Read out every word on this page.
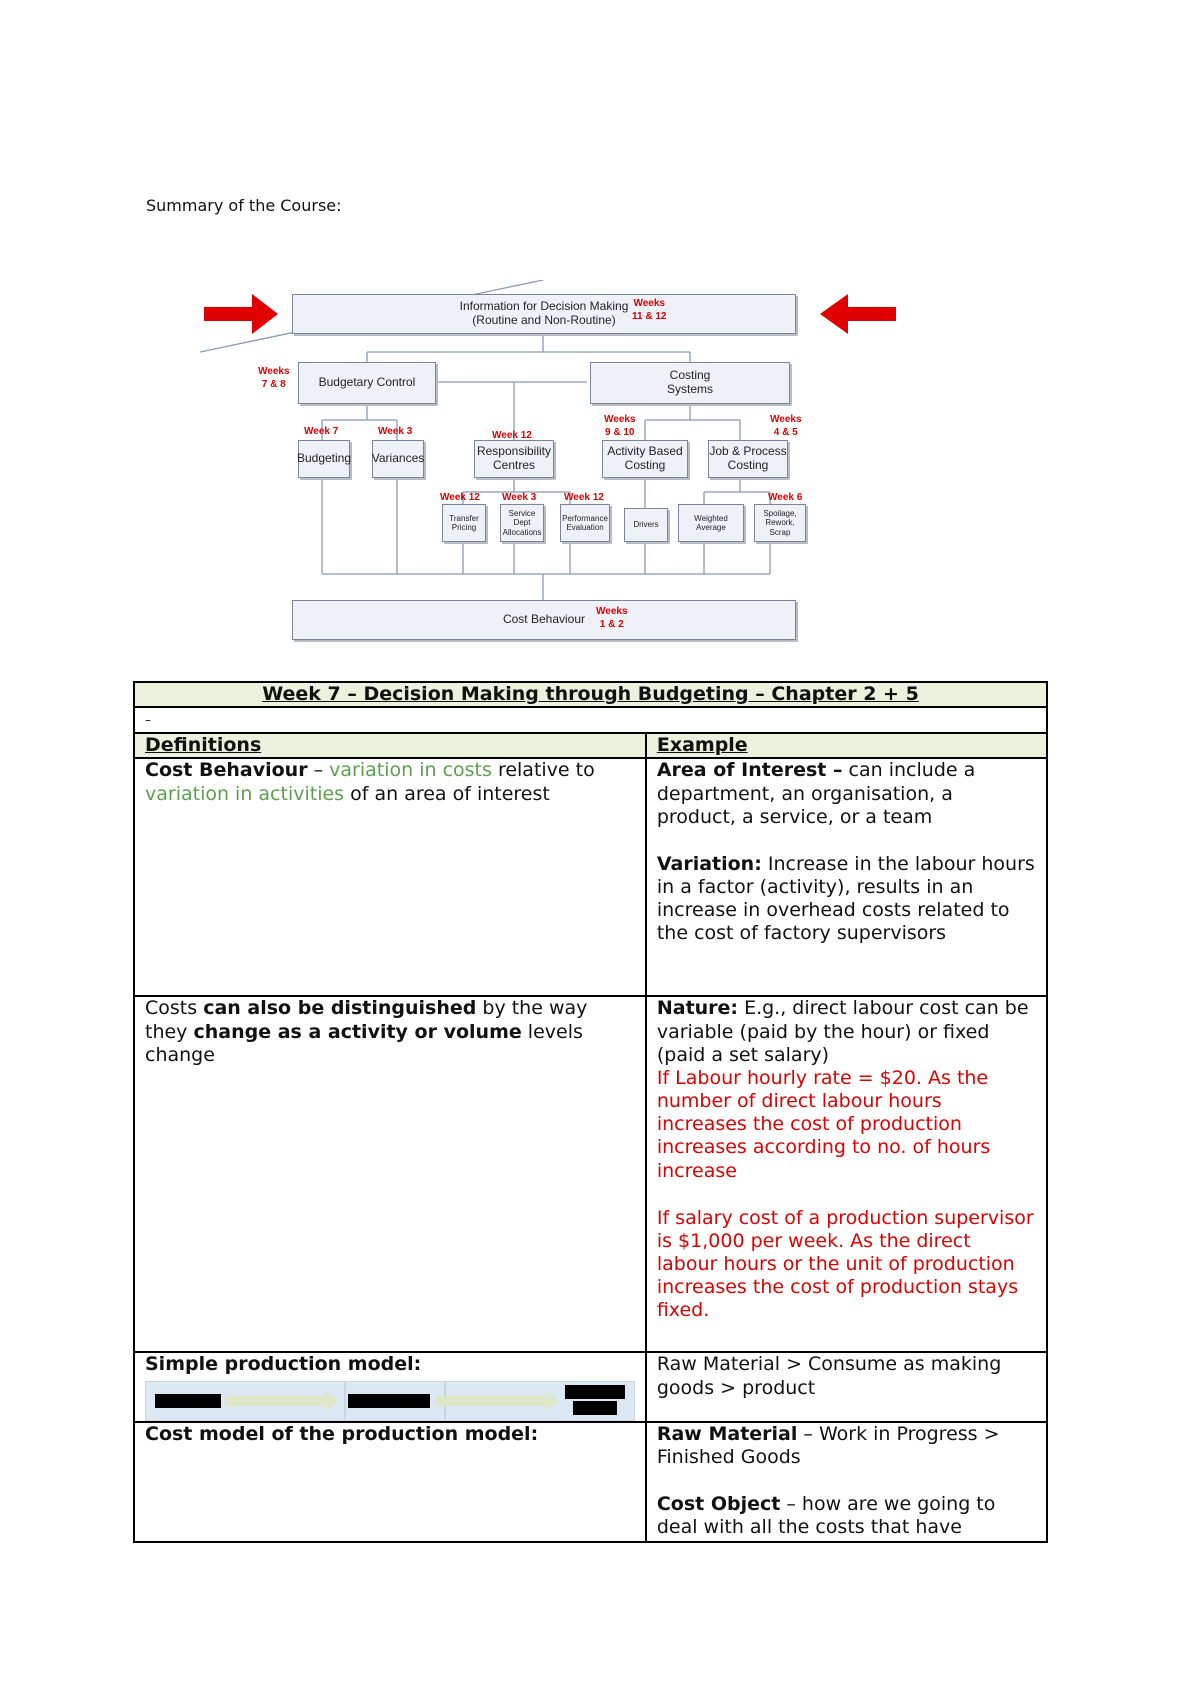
Summary of the Course:
Information for Decision Making
(Routine and Non-Routine)
Weeks
11 & 12
Budgetary Control
Weeks
7 & 8
Costing
Systems
Budgeting
Week 7
Variances
Week 3
Responsibility
Centres
Week 12
Activity Based
Costing
Weeks
9 & 10
Job & Process
Costing
Weeks
4 & 5
Transfer
Pricing
Week 12
Service
Dept
Allocations
Week 3
Performance
Evaluation
Week 12
Drivers
Weighted Average
Spoilage,
Rework, Scrap
Week 6
Cost Behaviour
Weeks
1 & 2
Week 7 – Decision Making through Budgeting – Chapter 2 + 5	
–	
Definitions	Example
Cost Behaviour – variation in costs relative to variation in activities of an area of interest	Area of Interest – can include a department, an organisation, a product, a service, or a team
Variation: Increase in the labour hours in a factor (activity), results in an increase in overhead costs related to the cost of factory supervisors

Costs can also be distinguished by the way they change as a activity or volume levels change	Nature: E.g., direct labour cost can be variable (paid by the hour) or fixed (paid a set salary)
If Labour hourly rate = $20. As the number of direct labour hours increases the cost of production increases according to no. of hours increase
If salary cost of a production supervisor is $1,000 per week. As the direct labour hours or the unit of production increases the cost of production stays fixed.

Simple production model:	Raw Material > Consume as making goods > product
Cost model of the production model:	Raw Material – Work in Progress > Finished Goods
Cost Object – how are we going to deal with all the costs that have
